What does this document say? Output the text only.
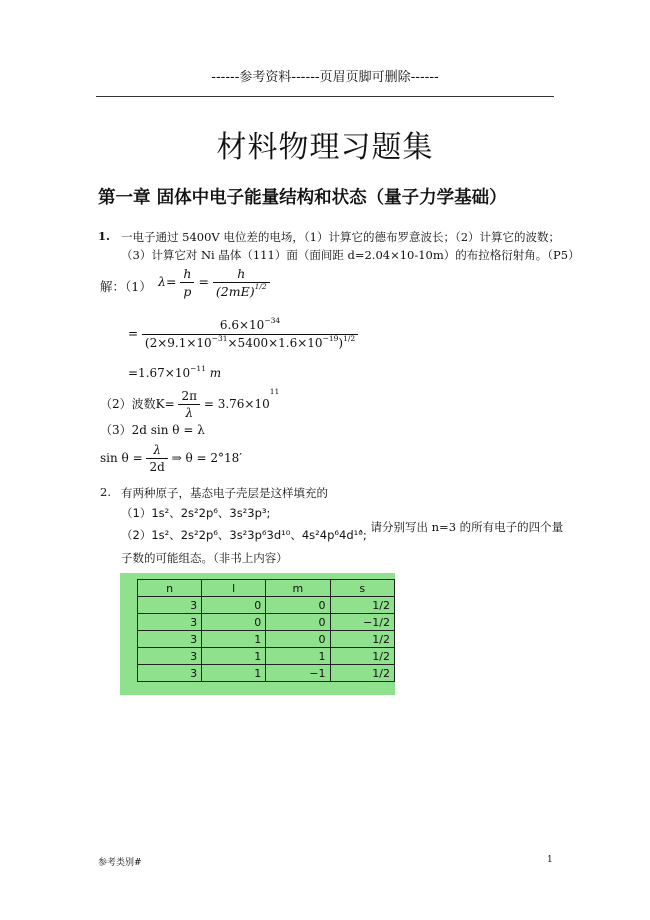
------参考资料------页眉页脚可删除------
材料物理习题集
第一章 固体中电子能量结构和状态（量子力学基础）
1. 一电子通过 5400V 电位差的电场，（1）计算它的德布罗意波长；（2）计算它的波数；
（3）计算它对 Ni 晶体（111）面（面间距 d=2.04×10-10m）的布拉格衍射角。（P5）
解：（1） $\lambda= \frac{h}{p} = \frac{h}{(2mE)^{1/2}}$
= $\frac{6.6\times 10^{-34}}{(2\times 9.1\times 10^{-31}\times 5400\times 1.6\times 10^{-19})^{1/2}}$
$=1.67\times 10^{-11}$ m
（2）波数$K= \frac{2\pi}{\lambda} = 3.76\times 10^{11}$
（3）2d sin θ = λ
$\sin \theta = \frac{\lambda}{2d}$ ⇒ θ = 2°18′
2. 有两种原子，基态电子壳层是这样填充的
（1）1s²、2s²2p⁶、3s²3p³;
（2）1s²、2s²2p⁶、3s²3p⁶3d¹⁰、4s²4p⁶4d¹⁰;
，请分别写出 n=3 的所有电子的四个量
子数的可能组态。（非书上内容）
n	l	m	s
3	0	0	1/2
3	0	0	−1/2
3	1	0	1/2
3	1	1	1/2
3	1	−1	1/2
参考类别#	1
